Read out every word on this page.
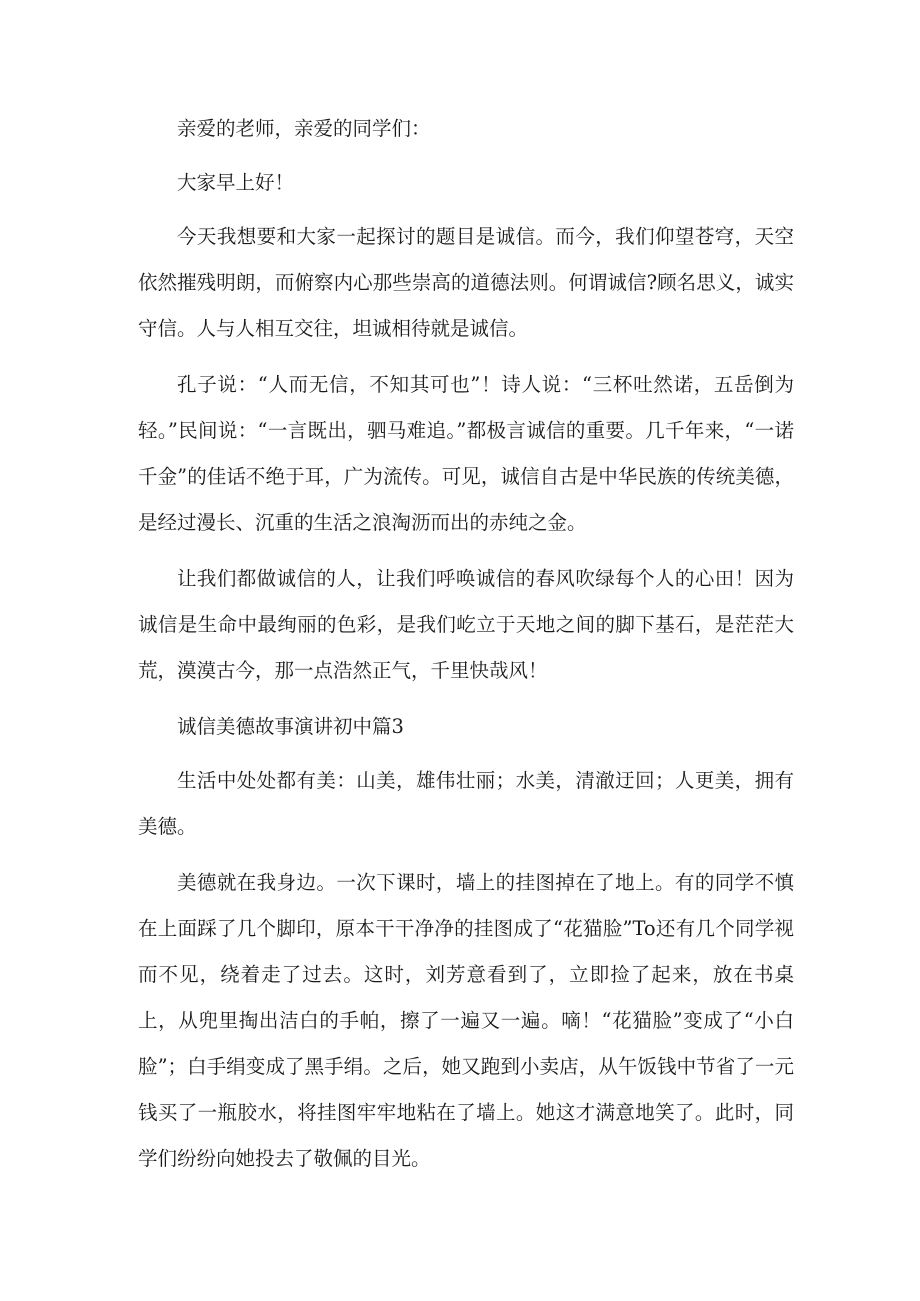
亲爱的老师，亲爱的同学们：

大家早上好！

今天我想要和大家一起探讨的题目是诚信。而今，我们仰望苍穹，天空依然摧残明朗，而俯察内心那些崇高的道德法则。何谓诚信?顾名思义，诚实守信。人与人相互交往，坦诚相待就是诚信。

孔子说：“人而无信，不知其可也”！诗人说：“三杯吐然诺，五岳倒为轻。”民间说：“一言既出，驷马难追。”都极言诚信的重要。几千年来，“一诺千金”的佳话不绝于耳，广为流传。可见，诚信自古是中华民族的传统美德，是经过漫长、沉重的生活之浪淘沥而出的赤纯之金。

让我们都做诚信的人，让我们呼唤诚信的春风吹绿每个人的心田！因为诚信是生命中最绚丽的色彩，是我们屹立于天地之间的脚下基石，是茫茫大荒，漠漠古今，那一点浩然正气，千里快哉风！

诚信美德故事演讲初中篇3

生活中处处都有美：山美，雄伟壮丽；水美，清澈迂回；人更美，拥有美德。

美德就在我身边。一次下课时，墙上的挂图掉在了地上。有的同学不慎在上面踩了几个脚印，原本干干净净的挂图成了“花猫脸”To还有几个同学视而不见，绕着走了过去。这时，刘芳意看到了，立即捡了起来，放在书桌上，从兜里掏出洁白的手帕，擦了一遍又一遍。嘀！“花猫脸”变成了“小白脸”；白手绢变成了黑手绢。之后，她又跑到小卖店，从午饭钱中节省了一元钱买了一瓶胶水，将挂图牢牢地粘在了墙上。她这才满意地笑了。此时，同学们纷纷向她投去了敬佩的目光。
